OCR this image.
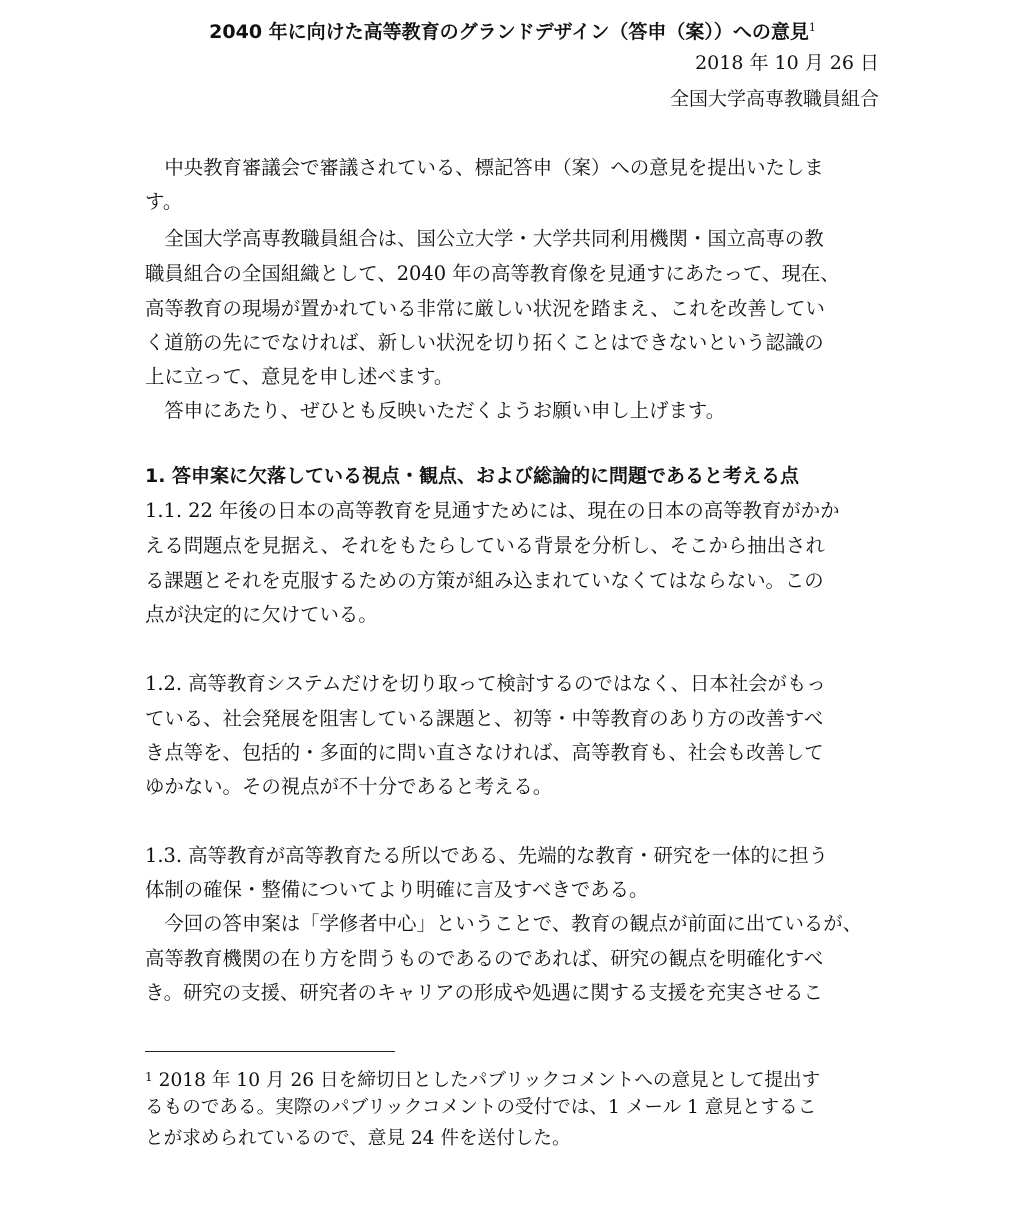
2040 年に向けた高等教育のグランドデザイン（答申（案））への意見$^1$
2018 年 10 月 26 日
全国大学高専教職員組合
　中央教育審議会で審議されている、標記答申（案）への意見を提出いたしま
す。
　全国大学高専教職員組合は、国公立大学・大学共同利用機関・国立高専の教
職員組合の全国組織として、2040 年の高等教育像を見通すにあたって、現在、
高等教育の現場が置かれている非常に厳しい状況を踏まえ、これを改善してい
く道筋の先にでなければ、新しい状況を切り拓くことはできないという認識の
上に立って、意見を申し述べます。
　答申にあたり、ぜひとも反映いただくようお願い申し上げます。
1. 答申案に欠落している視点・観点、および総論的に問題であると考える点
1.1. 22 年後の日本の高等教育を見通すためには、現在の日本の高等教育がかか
える問題点を見据え、それをもたらしている背景を分析し、そこから抽出され
る課題とそれを克服するための方策が組み込まれていなくてはならない。この
点が決定的に欠けている。
1.2. 高等教育システムだけを切り取って検討するのではなく、日本社会がもっ
ている、社会発展を阻害している課題と、初等・中等教育のあり方の改善すべ
き点等を、包括的・多面的に問い直さなければ、高等教育も、社会も改善して
ゆかない。その視点が不十分であると考える。
1.3. 高等教育が高等教育たる所以である、先端的な教育・研究を一体的に担う
体制の確保・整備についてより明確に言及すべきである。
　今回の答申案は「学修者中心」ということで、教育の観点が前面に出ているが、
高等教育機関の在り方を問うものであるのであれば、研究の観点を明確化すべ
き。研究の支援、研究者のキャリアの形成や処遇に関する支援を充実させるこ
$^1$ 2018 年 10 月 26 日を締切日としたパブリックコメントへの意見として提出す
るものである。実際のパブリックコメントの受付では、1 メール 1 意見とするこ
とが求められているので、意見 24 件を送付した。
